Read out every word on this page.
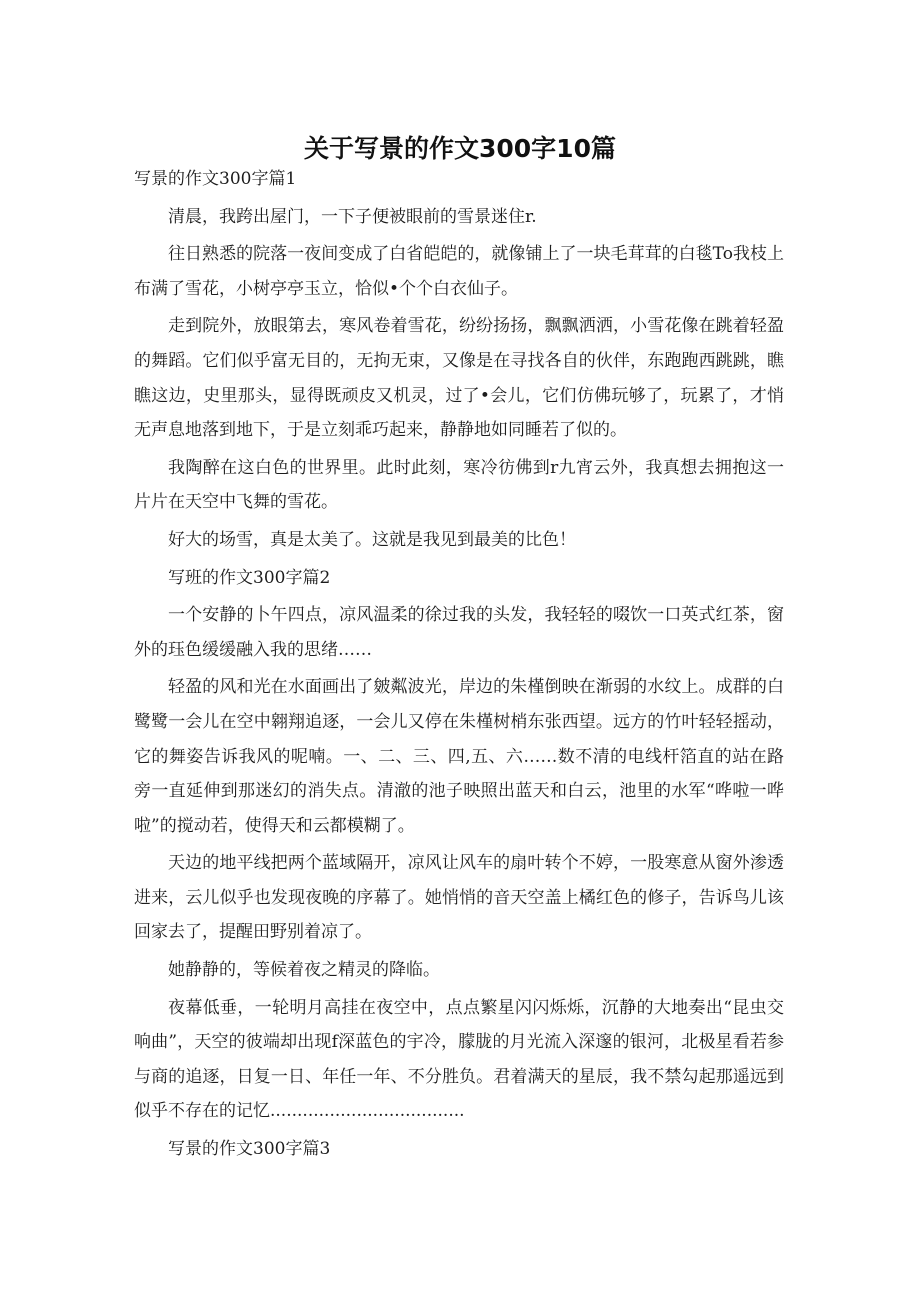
关于写景的作文300字10篇

写景的作文300字篇1

清晨，我跨出屋门，一下子便被眼前的雪景迷住r.

往日熟悉的院落一夜间变成了白省皑皑的，就像铺上了一块毛茸茸的白毯To我枝上布满了雪花，小树亭亭玉立，恰似•个个白衣仙子。

走到院外，放眼第去，寒风卷着雪花，纷纷扬扬，飘飘洒洒，小雪花像在跳着轻盈的舞蹈。它们似乎富无目的，无拘无束，又像是在寻找各自的伙伴，东跑跑西跳跳，瞧瞧这边，史里那头，显得既顽皮又机灵，过了•会儿，它们仿佛玩够了，玩累了，才悄无声息地落到地下，于是立刻乖巧起来，静静地如同睡若了似的。

我陶醉在这白色的世界里。此时此刻，寒冷彷佛到r九宵云外，我真想去拥抱这一片片在天空中飞舞的雪花。

好大的场雪，真是太美了。这就是我见到最美的比色！

写班的作文300字篇2

一个安静的卜午四点，凉风温柔的徐过我的头发，我轻轻的啜饮一口英式红茶，窗外的珏色缓缓融入我的思绪……

轻盈的风和光在水面画出了皴粼波光，岸边的朱槿倒映在渐弱的水纹上。成群的白鹭鹭一会儿在空中翱翔追逐，一会儿又停在朱槿树梢东张西望。远方的竹叶轻轻摇动，它的舞姿告诉我风的呢喃。一、二、三、四,五、六……数不清的电线杆箔直的站在路旁一直延伸到那迷幻的消失点。清澈的池子映照出蓝天和白云，池里的水军“哗啦一哗啦”的搅动若，使得天和云都模糊了。

天边的地平线把两个蓝域隔开，凉风让风车的扇叶转个不婷，一股寒意从窗外渗透进来，云儿似乎也发现夜晚的序幕了。她悄悄的音天空盖上橘红色的修子，告诉鸟儿该回家去了，提醒田野别着凉了。

她静静的，等候着夜之精灵的降临。

夜幕低垂，一轮明月高挂在夜空中，点点繁星闪闪烁烁，沉静的大地奏出“昆虫交响曲”，天空的彼端却出现f深蓝色的宇冷，朦胧的月光流入深邃的银河，北极星看若参与商的追逐，日复一日、年任一年、不分胜负。君着满天的星辰，我不禁勾起那遥远到似乎不存在的记忆....................................

写景的作文300字篇3
